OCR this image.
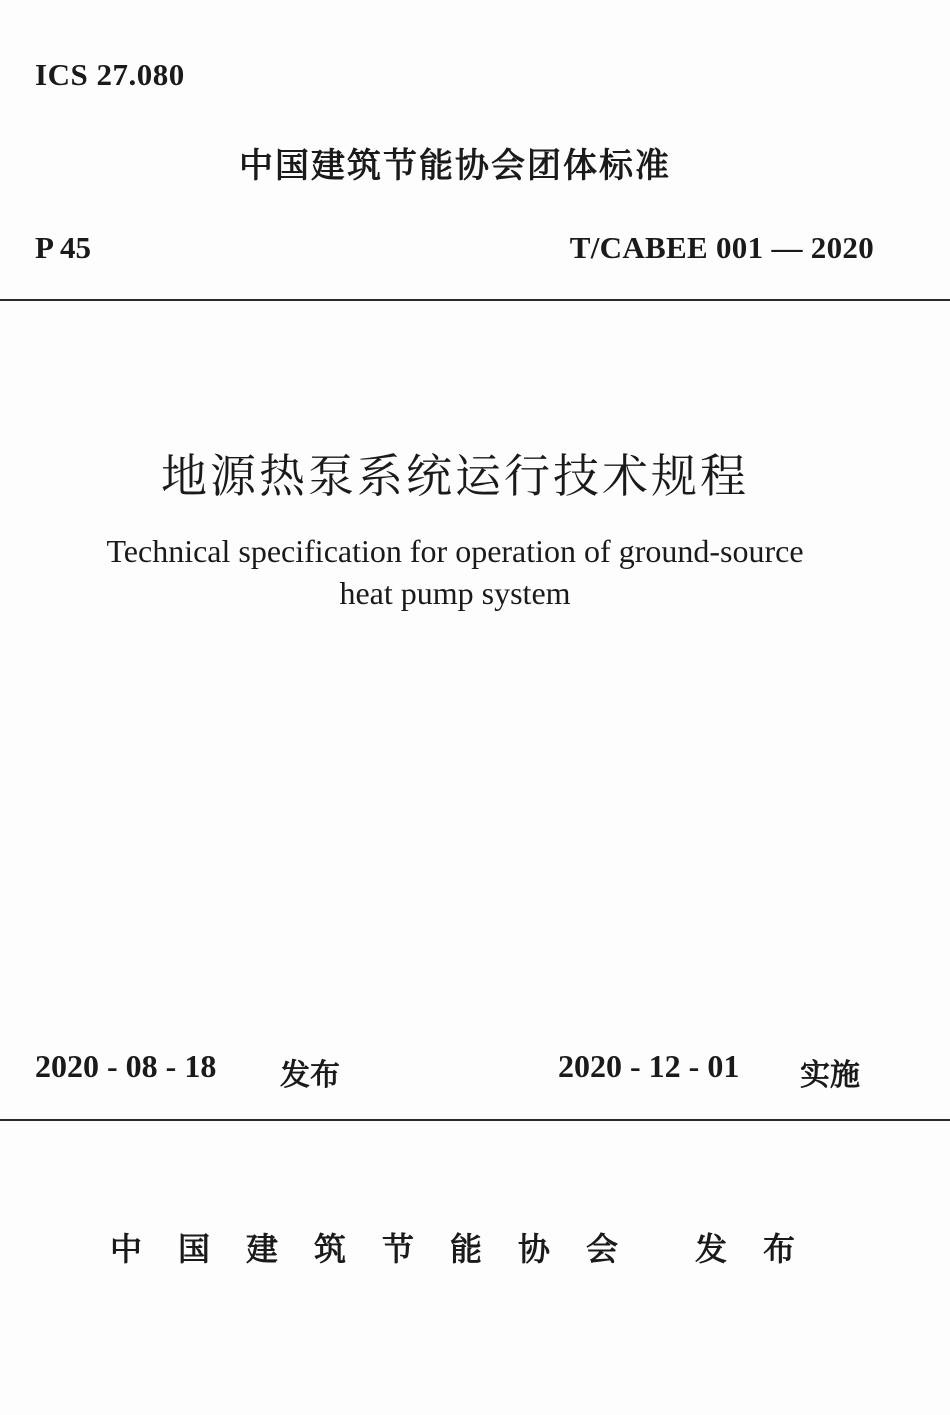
ICS 27.080
中国建筑节能协会团体标准
P 45	T/CABEE 001 — 2020
地源热泵系统运行技术规程
Technical specification for operation of ground-source
heat pump system
2020 - 08 - 18 发布	2020 - 12 - 01 实施
中国建筑节能协会 发布
